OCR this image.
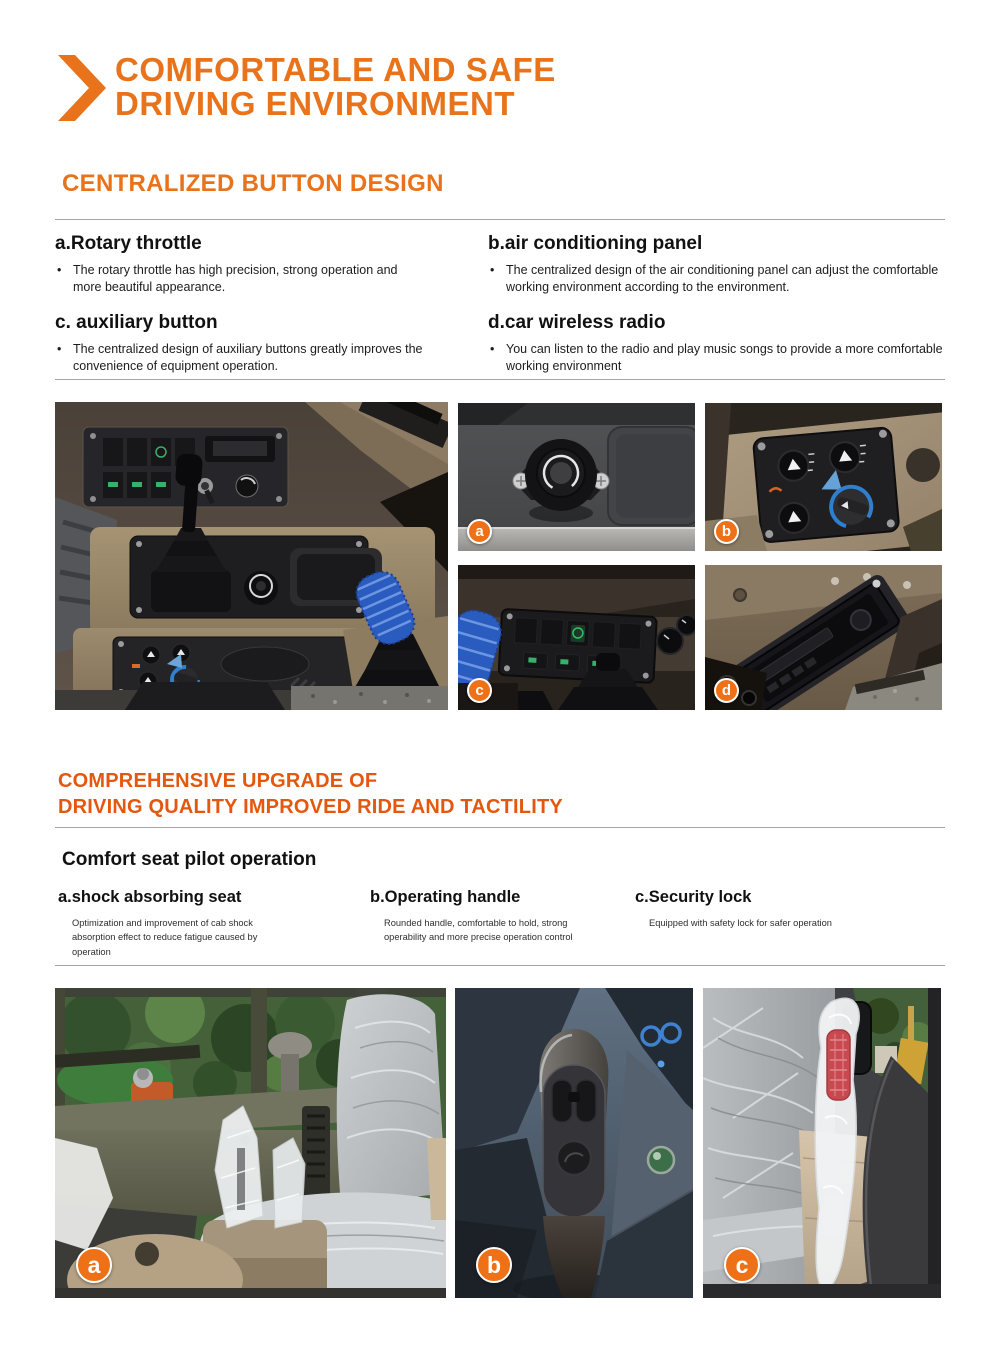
COMFORTABLE AND SAFE
DRIVING ENVIRONMENT
CENTRALIZED BUTTON DESIGN
a.Rotary throttle
• The rotary throttle has high precision, strong operation and more beautiful appearance.
c. auxiliary button
• The centralized design of auxiliary buttons greatly improves the convenience of equipment operation.
b.air conditioning panel
• The centralized design of the air conditioning panel can adjust the comfortable working environment according to the environment.
d.car wireless radio
• You can listen to the radio and play music songs to provide a more comfortable working environment
a	b
c	d
COMPREHENSIVE UPGRADE OF
DRIVING QUALITY IMPROVED RIDE AND TACTILITY
Comfort seat pilot operation
a.shock absorbing seat
Optimization and improvement of cab shock absorption effect to reduce fatigue caused by operation
b.Operating handle
Rounded handle, comfortable to hold, strong operability and more precise operation control
c.Security lock
Equipped with safety lock for safer operation
a	b	c
